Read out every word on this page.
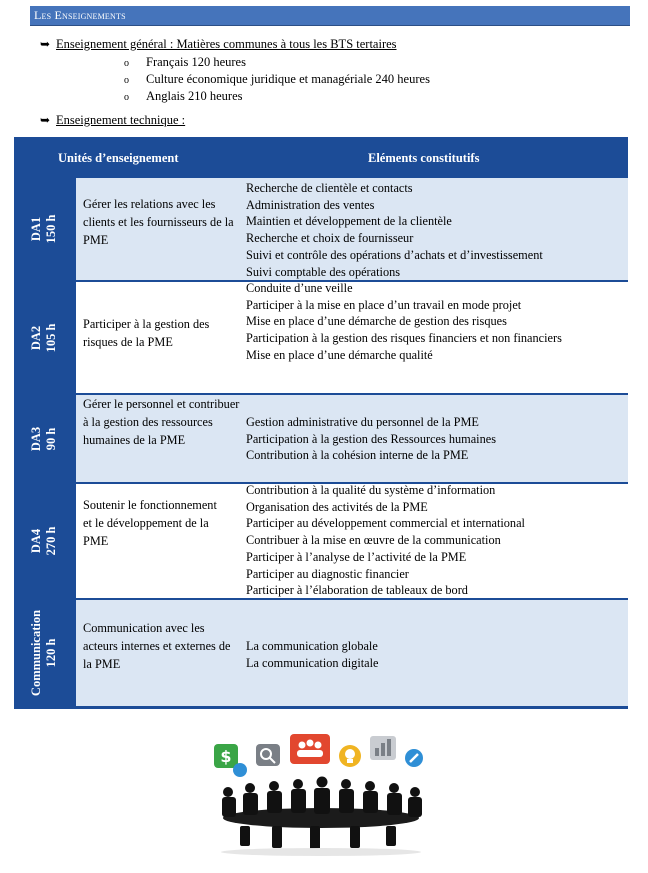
Les Enseignements
➥ Enseignement général : Matières communes à tous les BTS tertaires
o Français 120 heures
o Culture économique juridique et managériale 240 heures
o Anglais 210 heures
➥ Enseignement technique :
Unités d’enseignement	Eléments constitutifs
DA1
150 h
Gérer les relations avec les clients et les fournisseurs de la PME
Recherche de clientèle et contacts
Administration des ventes
Maintien et développement de la clientèle
Recherche et choix de fournisseur
Suivi et contrôle des opérations d’achats et d’investissement
Suivi comptable des opérations
DA2
105 h Participer à la gestion des risques de la PME
Conduite d’une veille
Participer à la mise en place d’un travail en mode projet
Mise en place d’une démarche de gestion des risques
Participation à la gestion des risques financiers et non financiers
Mise en place d’une démarche qualité
DA3
90 h
Gérer le personnel et contribuer à la gestion des ressources humaines de la PME
Gestion administrative du personnel de la PME
Participation à la gestion des Ressources humaines
Contribution à la cohésion interne de la PME
DA4
270 h
Soutenir le fonctionnement et le développement de la PME
Contribution à la qualité du système d’information
Organisation des activités de la PME
Participer au développement commercial et international
Contribuer à la mise en œuvre de la communication
Participer à l’analyse de l’activité de la PME
Participer au diagnostic financier
Participer à l’élaboration de tableaux de bord
Communication
120 h
Communication avec les acteurs internes et externes de la PME
La communication globale
La communication digitale
$
